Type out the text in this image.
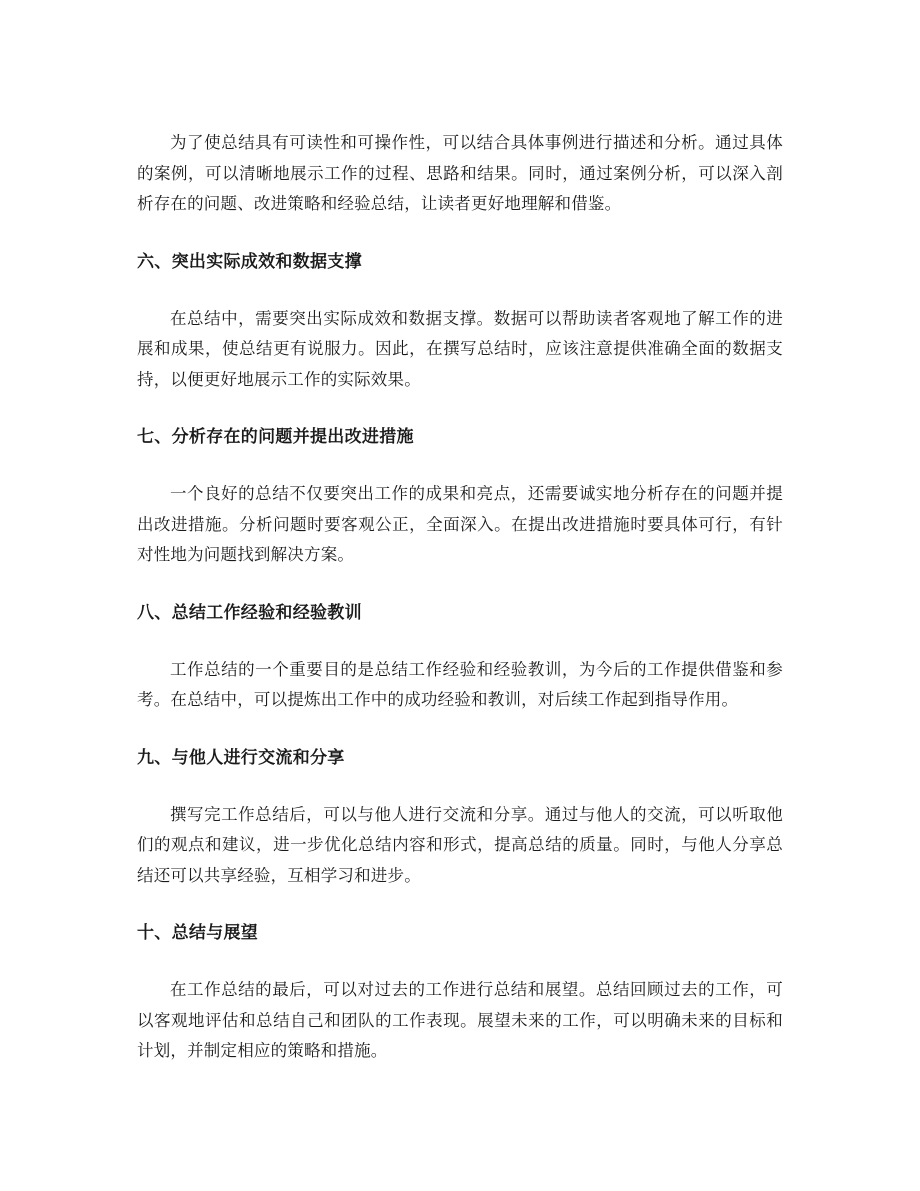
www.zixin.com.cn

为了使总结具有可读性和可操作性，可以结合具体事例进行描述和分析。通过具体的案例，可以清晰地展示工作的过程、思路和结果。同时，通过案例分析，可以深入剖析存在的问题、改进策略和经验总结，让读者更好地理解和借鉴。

六、突出实际成效和数据支撑

在总结中，需要突出实际成效和数据支撑。数据可以帮助读者客观地了解工作的进展和成果，使总结更有说服力。因此，在撰写总结时，应该注意提供准确全面的数据支持，以便更好地展示工作的实际效果。

七、分析存在的问题并提出改进措施

一个良好的总结不仅要突出工作的成果和亮点，还需要诚实地分析存在的问题并提出改进措施。分析问题时要客观公正，全面深入。在提出改进措施时要具体可行，有针对性地为问题找到解决方案。

八、总结工作经验和经验教训

工作总结的一个重要目的是总结工作经验和经验教训，为今后的工作提供借鉴和参考。在总结中，可以提炼出工作中的成功经验和教训，对后续工作起到指导作用。

九、与他人进行交流和分享

撰写完工作总结后，可以与他人进行交流和分享。通过与他人的交流，可以听取他们的观点和建议，进一步优化总结内容和形式，提高总结的质量。同时，与他人分享总结还可以共享经验，互相学习和进步。

十、总结与展望

在工作总结的最后，可以对过去的工作进行总结和展望。总结回顾过去的工作，可以客观地评估和总结自己和团队的工作表现。展望未来的工作，可以明确未来的目标和计划，并制定相应的策略和措施。
